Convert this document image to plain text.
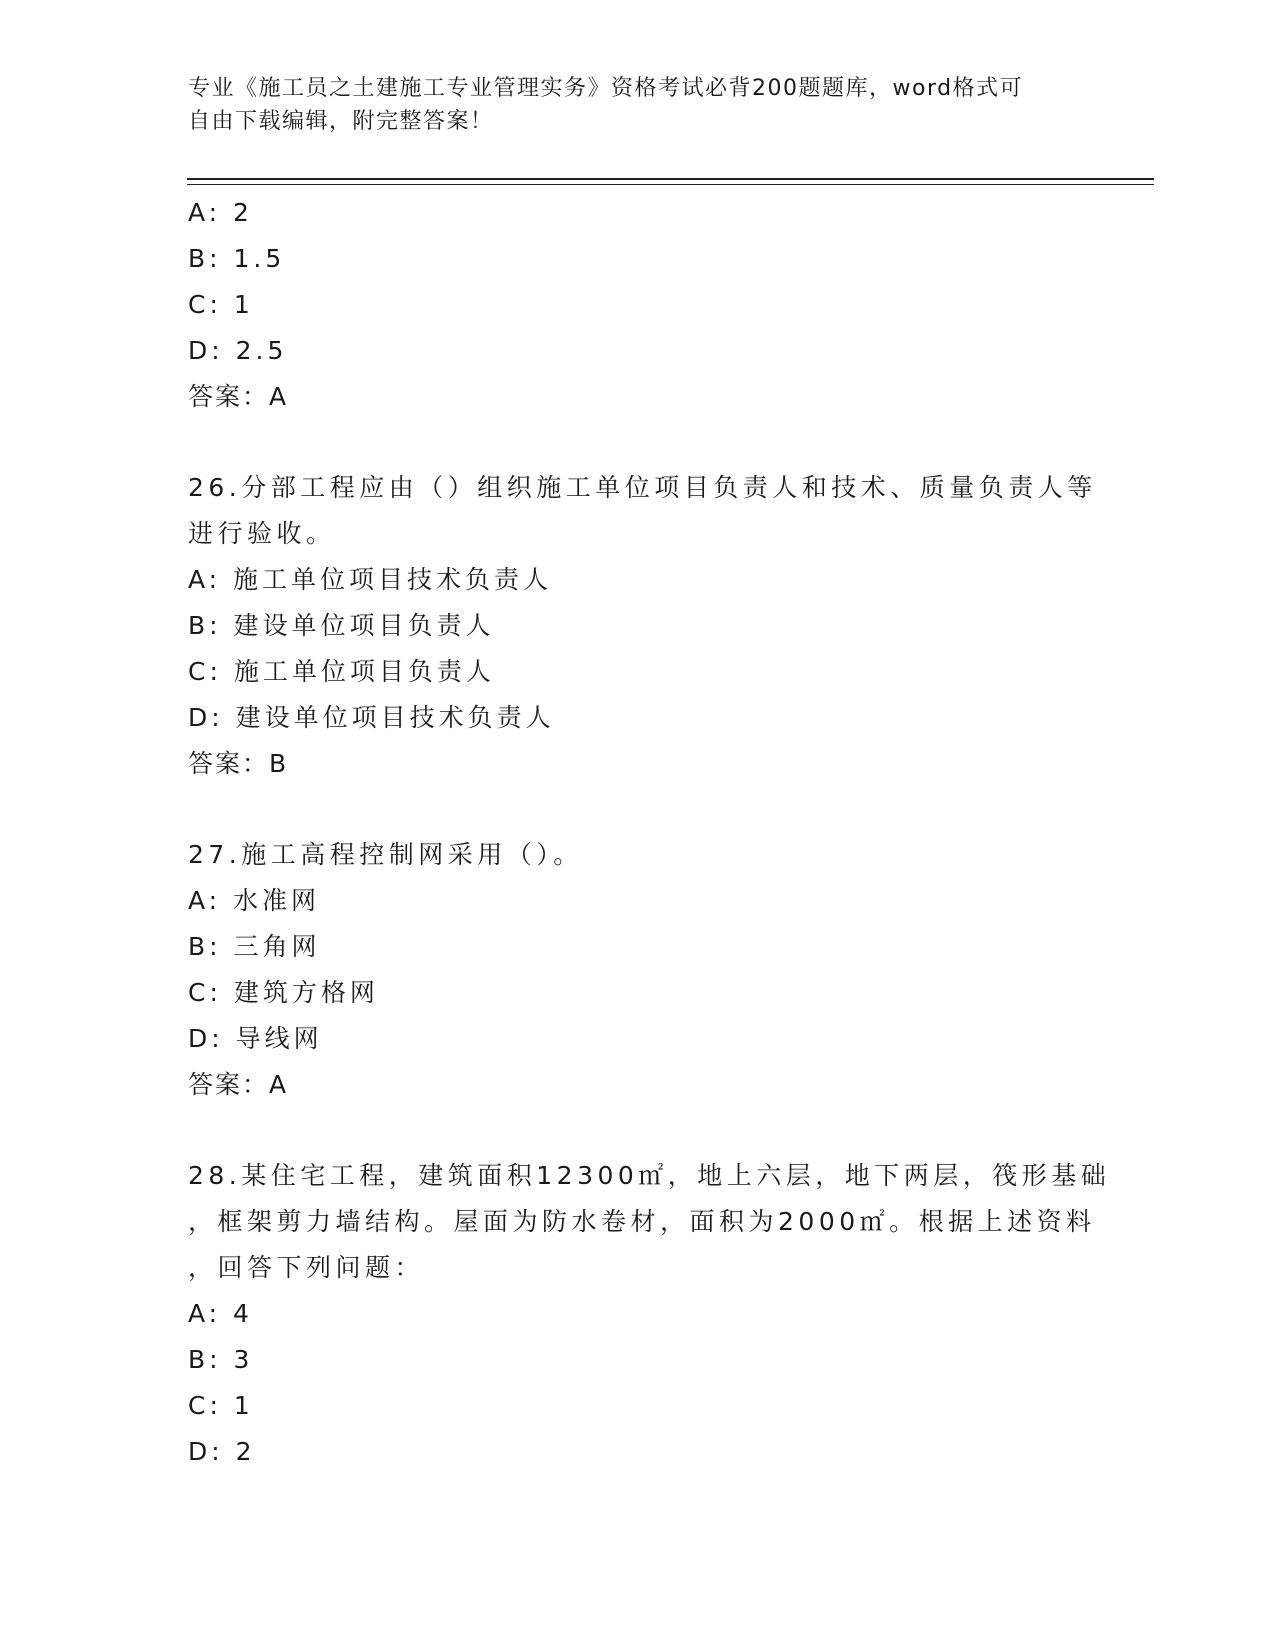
专业《施工员之土建施工专业管理实务》资格考试必背200题题库，word格式可
自由下载编辑，附完整答案！
A: 2
B: 1.5
C: 1
D: 2.5
答案：A
26.分部工程应由（）组织施工单位项目负责人和技术、质量负责人等
进行验收。
A: 施工单位项目技术负责人
B: 建设单位项目负责人
C: 施工单位项目负责人
D: 建设单位项目技术负责人
答案：B
27.施工高程控制网采用（）。
A: 水准网
B: 三角网
C: 建筑方格网
D: 导线网
答案：A
28.某住宅工程，建筑面积12300㎡，地上六层，地下两层，筏形基础
，框架剪力墙结构。屋面为防水卷材，面积为2000㎡。根据上述资料
，回答下列问题：
A: 4
B: 3
C: 1
D: 2
